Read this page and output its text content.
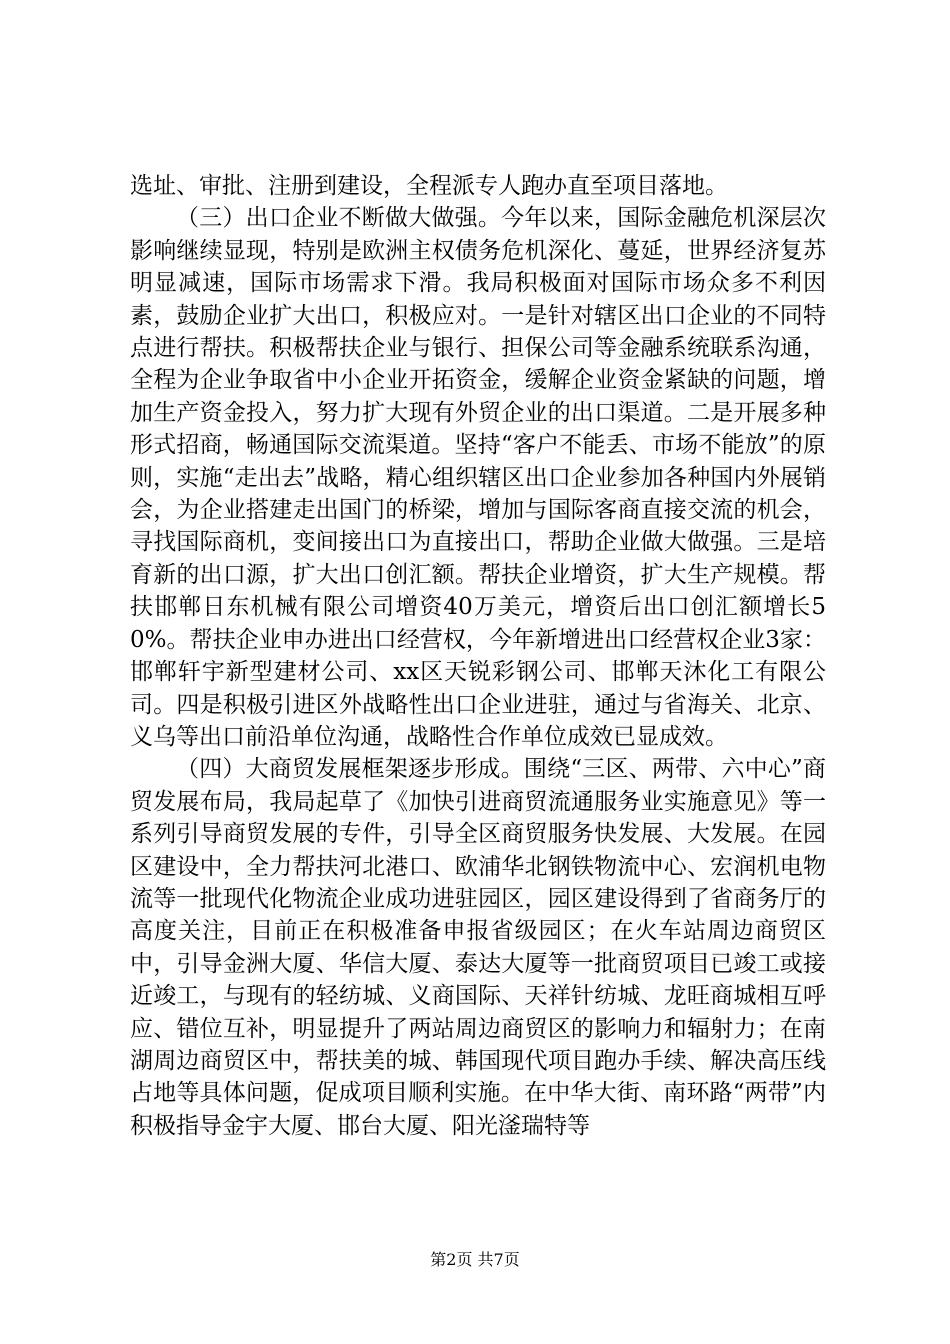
选址、审批、注册到建设，全程派专人跑办直至项目落地。

（三）出口企业不断做大做强。今年以来，国际金融危机深层次影响继续显现，特别是欧洲主权债务危机深化、蔓延，世界经济复苏明显减速，国际市场需求下滑。我局积极面对国际市场众多不利因素，鼓励企业扩大出口，积极应对。一是针对辖区出口企业的不同特点进行帮扶。积极帮扶企业与银行、担保公司等金融系统联系沟通，全程为企业争取省中小企业开拓资金，缓解企业资金紧缺的问题，增加生产资金投入，努力扩大现有外贸企业的出口渠道。二是开展多种形式招商，畅通国际交流渠道。坚持“客户不能丢、市场不能放”的原则，实施“走出去”战略，精心组织辖区出口企业参加各种国内外展销会，为企业搭建走出国门的桥梁，增加与国际客商直接交流的机会，寻找国际商机，变间接出口为直接出口，帮助企业做大做强。三是培育新的出口源，扩大出口创汇额。帮扶企业增资，扩大生产规模。帮扶邯郸日东机械有限公司增资40万美元，增资后出口创汇额增长50%。帮扶企业申办进出口经营权，今年新增进出口经营权企业3家：邯郸轩宇新型建材公司、xx区天锐彩钢公司、邯郸天沐化工有限公司。四是积极引进区外战略性出口企业进驻，通过与省海关、北京、义乌等出口前沿单位沟通，战略性合作单位成效已显成效。

（四）大商贸发展框架逐步形成。围绕“三区、两带、六中心”商贸发展布局，我局起草了《加快引进商贸流通服务业实施意见》等一系列引导商贸发展的专件，引导全区商贸服务快发展、大发展。在园区建设中，全力帮扶河北港口、欧浦华北钢铁物流中心、宏润机电物流等一批现代化物流企业成功进驻园区，园区建设得到了省商务厅的高度关注，目前正在积极准备申报省级园区；在火车站周边商贸区中，引导金洲大厦、华信大厦、泰达大厦等一批商贸项目已竣工或接近竣工，与现有的轻纺城、义商国际、天祥针纺城、龙旺商城相互呼应、错位互补，明显提升了两站周边商贸区的影响力和辐射力；在南湖周边商贸区中，帮扶美的城、韩国现代项目跑办手续、解决高压线占地等具体问题，促成项目顺利实施。在中华大街、南环路“两带”内积极指导金宇大厦、邯台大厦、阳光滏瑞特等

第2页 共7页
